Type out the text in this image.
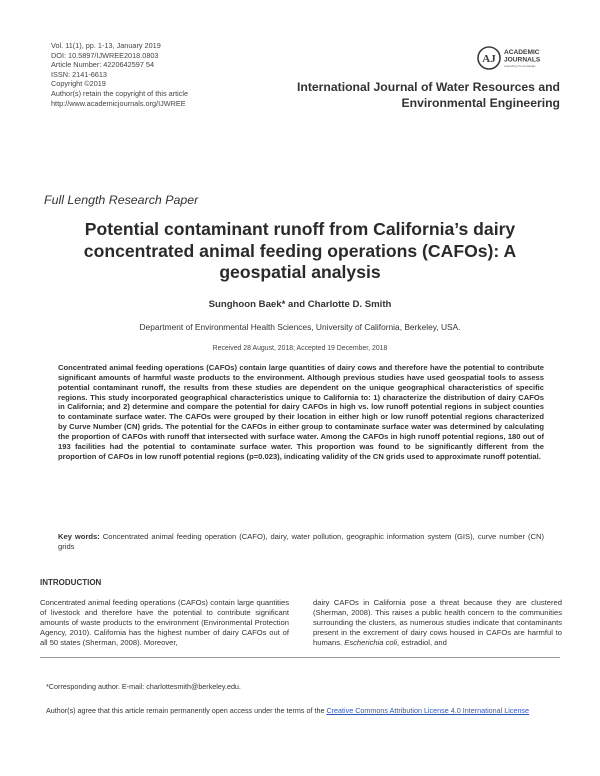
Vol. 11(1), pp. 1-13, January 2019
DOI: 10.5897/IJWREE2018.0803
Article Number: 4220642597 54
ISSN: 2141-6613
Copyright ©2019
Author(s) retain the copyright of this article
http://www.academicjournals.org/IJWREE
AJ
ACADEMIC
JOURNALS
expanding the knowledge
International Journal of Water Resources and
Environmental Engineering
Full Length Research Paper
Potential contaminant runoff from California’s dairy concentrated animal feeding operations (CAFOs): A geospatial analysis
Sunghoon Baek* and Charlotte D. Smith
Department of Environmental Health Sciences, University of California, Berkeley, USA.
Received 28 August, 2018; Accepted 19 December, 2018
Concentrated animal feeding operations (CAFOs) contain large quantities of dairy cows and therefore have the potential to contribute significant amounts of harmful waste products to the environment. Although previous studies have used geospatial tools to assess potential contaminant runoff, the results from these studies are dependent on the unique geographical characteristics of specific regions. This study incorporated geographical characteristics unique to California to: 1) characterize the distribution of dairy CAFOs in California; and 2) determine and compare the potential for dairy CAFOs in high vs. low runoff potential regions in subject counties to contaminate surface water. The CAFOs were grouped by their location in either high or low runoff potential regions characterized by Curve Number (CN) grids. The potential for the CAFOs in either group to contaminate surface water was determined by calculating the proportion of CAFOs with runoff that intersected with surface water. Among the CAFOs in high runoff potential regions, 180 out of 193 facilities had the potential to contaminate surface water. This proportion was found to be significantly different from the proportion of CAFOs in low runoff potential regions (p=0.023), indicating validity of the CN grids used to approximate runoff potential.
Key words: Concentrated animal feeding operation (CAFO), dairy, water pollution, geographic information system (GIS), curve number (CN) grids
INTRODUCTION
Concentrated animal feeding operations (CAFOs) contain large quantities of livestock and therefore have the potential to contribute significant amounts of waste products to the environment (Environmental Protection Agency, 2010). California has the highest number of dairy CAFOs out of all 50 states (Sherman, 2008). Moreover,
dairy CAFOs in California pose a threat because they are clustered (Sherman, 2008). This raises a public health concern to the communities surrounding the clusters, as numerous studies indicate that contaminants present in the excrement of dairy cows housed in CAFOs are harmful to humans. Escherichia coli, estradiol, and
*Corresponding author. E-mail: charlottesmith@berkeley.edu.
Author(s) agree that this article remain permanently open access under the terms of the Creative Commons Attribution License 4.0 International License
